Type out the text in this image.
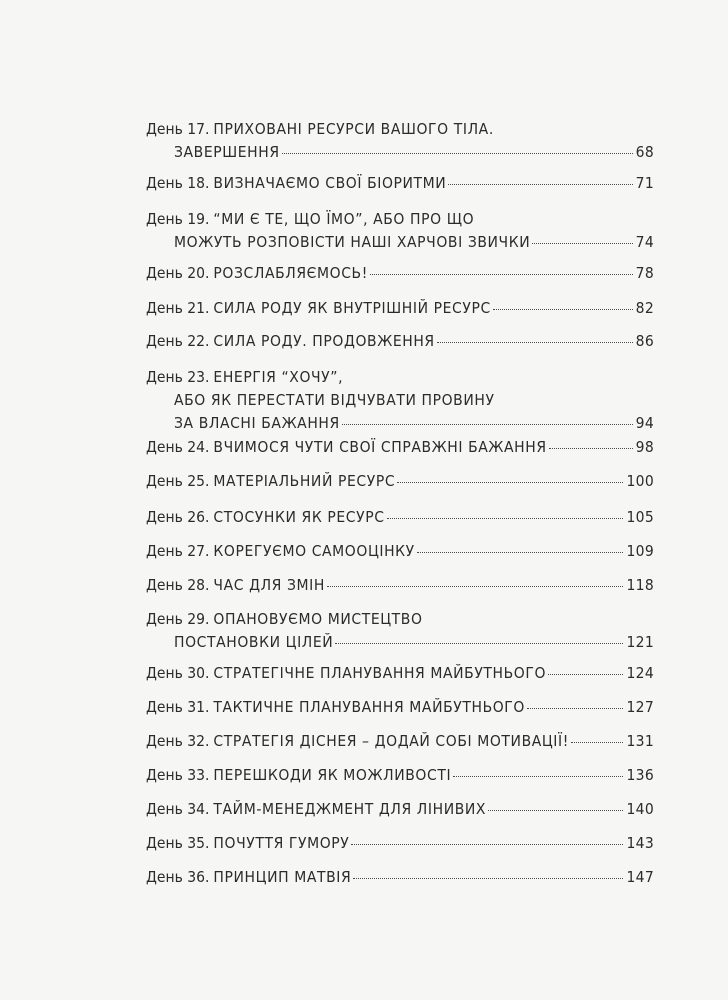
День 17. ПРИХОВАНІ РЕСУРСИ ВАШОГО ТІЛА.
ЗАВЕРШЕННЯ	68
День 18. ВИЗНАЧАЄМО СВОЇ БІОРИТМИ	71
День 19. “МИ Є ТЕ, ЩО ЇМО”, АБО ПРО ЩО
МОЖУТЬ РОЗПОВІСТИ НАШІ ХАРЧОВІ ЗВИЧКИ	74
День 20. РОЗСЛАБЛЯЄМОСЬ!	78
День 21. СИЛА РОДУ ЯК ВНУТРІШНІЙ РЕСУРС	82
День 22. СИЛА РОДУ. ПРОДОВЖЕННЯ	86
День 23. ЕНЕРГІЯ “ХОЧУ”,
АБО ЯК ПЕРЕСТАТИ ВІДЧУВАТИ ПРОВИНУ
ЗА ВЛАСНІ БАЖАННЯ	94
День 24. ВЧИМОСЯ ЧУТИ СВОЇ СПРАВЖНІ БАЖАННЯ	98
День 25. МАТЕРІАЛЬНИЙ РЕСУРС	100
День 26. СТОСУНКИ ЯК РЕСУРС	105
День 27. КОРЕГУЄМО САМООЦІНКУ	109
День 28. ЧАС ДЛЯ ЗМІН	118
День 29. ОПАНОВУЄМО МИСТЕЦТВО
ПОСТАНОВКИ ЦІЛЕЙ	121
День 30. СТРАТЕГІЧНЕ ПЛАНУВАННЯ МАЙБУТНЬОГО	124
День 31. ТАКТИЧНЕ ПЛАНУВАННЯ МАЙБУТНЬОГО	127
День 32. СТРАТЕГІЯ ДІСНЕЯ – ДОДАЙ СОБІ МОТИВАЦІЇ!	131
День 33. ПЕРЕШКОДИ ЯК МОЖЛИВОСТІ	136
День 34. ТАЙМ-МЕНЕДЖМЕНТ ДЛЯ ЛІНИВИХ	140
День 35. ПОЧУТТЯ ГУМОРУ	143
День 36. ПРИНЦИП МАТВІЯ	147
